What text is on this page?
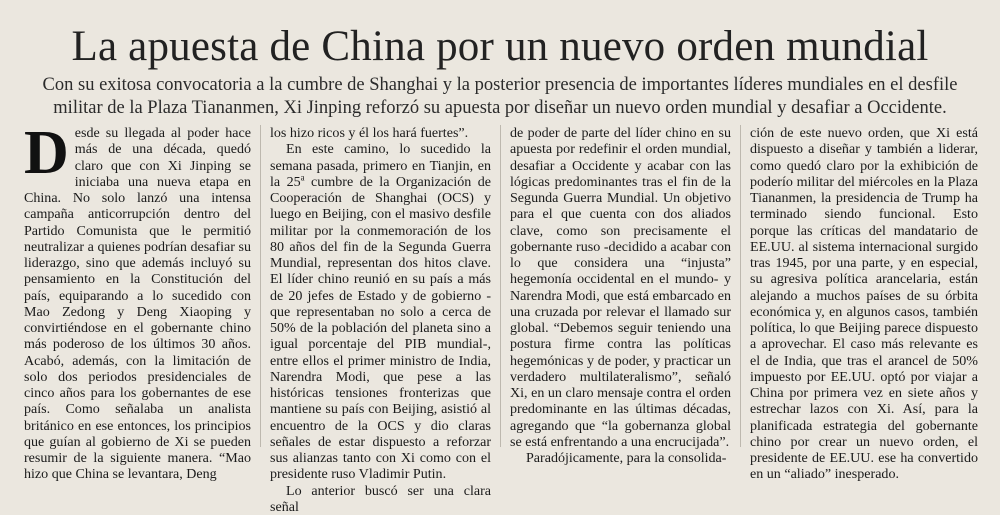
La apuesta de China por un nuevo orden mundial
Con su exitosa convocatoria a la cumbre de Shanghai y la posterior presencia de importantes líderes mundiales en el desfile militar de la Plaza Tiananmen, Xi Jinping reforzó su apuesta por diseñar un nuevo orden mundial y desafiar a Occidente.
D esde su llegada al poder hace más de una década, quedó claro que con Xi Jinping se iniciaba una nueva etapa en China. No solo lanzó una intensa campaña anticorrupción dentro del Partido Comunista que le permitió neutralizar a quienes podrían desafiar su liderazgo, sino que además incluyó su pensamiento en la Constitución del país, equiparando a lo sucedido con Mao Zedong y Deng Xiaoping y convirtiéndose en el gobernante chino más poderoso de los últimos 30 años. Acabó, además, con la limitación de solo dos periodos presidenciales de cinco años para los gobernantes de ese país. Como señalaba un analista británico en ese entonces, los principios que guían al gobierno de Xi se pueden resumir de la siguiente manera. “Mao hizo que China se levantara, Deng

los hizo ricos y él los hará fuertes”.

En este camino, lo sucedido la semana pasada, primero en Tianjin, en la 25$^a$ cumbre de la Organización de Cooperación de Shanghai (OCS) y luego en Beijing, con el masivo desfile militar por la conmemoración de los 80 años del fin de la Segunda Guerra Mundial, representan dos hitos clave. El líder chino reunió en su país a más de 20 jefes de Estado y de gobierno -que representaban no solo a cerca de 50% de la población del planeta sino a igual porcentaje del PIB mundial-, entre ellos el primer ministro de India, Narendra Modi, que pese a las históricas tensiones fronterizas que mantiene su país con Beijing, asistió al encuentro de la OCS y dio claras señales de estar dispuesto a reforzar sus alianzas tanto con Xi como con el presidente ruso Vladimir Putin.

Lo anterior buscó ser una clara señal

de poder de parte del líder chino en su apuesta por redefinir el orden mundial, desafiar a Occidente y acabar con las lógicas predominantes tras el fin de la Segunda Guerra Mundial. Un objetivo para el que cuenta con dos aliados clave, como son precisamente el gobernante ruso -decidido a acabar con lo que considera una “injusta” hegemonía occidental en el mundo- y Narendra Modi, que está embarcado en una cruzada por relevar el llamado sur global. “Debemos seguir teniendo una postura firme contra las políticas hegemónicas y de poder, y practicar un verdadero multilateralismo”, señaló Xi, en un claro mensaje contra el orden predominante en las últimas décadas, agregando que “la gobernanza global se está enfrentando a una encrucijada”.

Paradójicamente, para la consolida-

ción de este nuevo orden, que Xi está dispuesto a diseñar y también a liderar, como quedó claro por la exhibición de poderío militar del miércoles en la Plaza Tiananmen, la presidencia de Trump ha terminado siendo funcional. Esto porque las críticas del mandatario de EE.UU. al sistema internacional surgido tras 1945, por una parte, y en especial, su agresiva política arancelaria, están alejando a muchos países de su órbita económica y, en algunos casos, también política, lo que Beijing parece dispuesto a aprovechar. El caso más relevante es el de India, que tras el arancel de 50% impuesto por EE.UU. optó por viajar a China por primera vez en siete años y estrechar lazos con Xi. Así, para la planificada estrategia del gobernante chino por crear un nuevo orden, el presidente de EE.UU. ese ha convertido en un “aliado” inesperado.
